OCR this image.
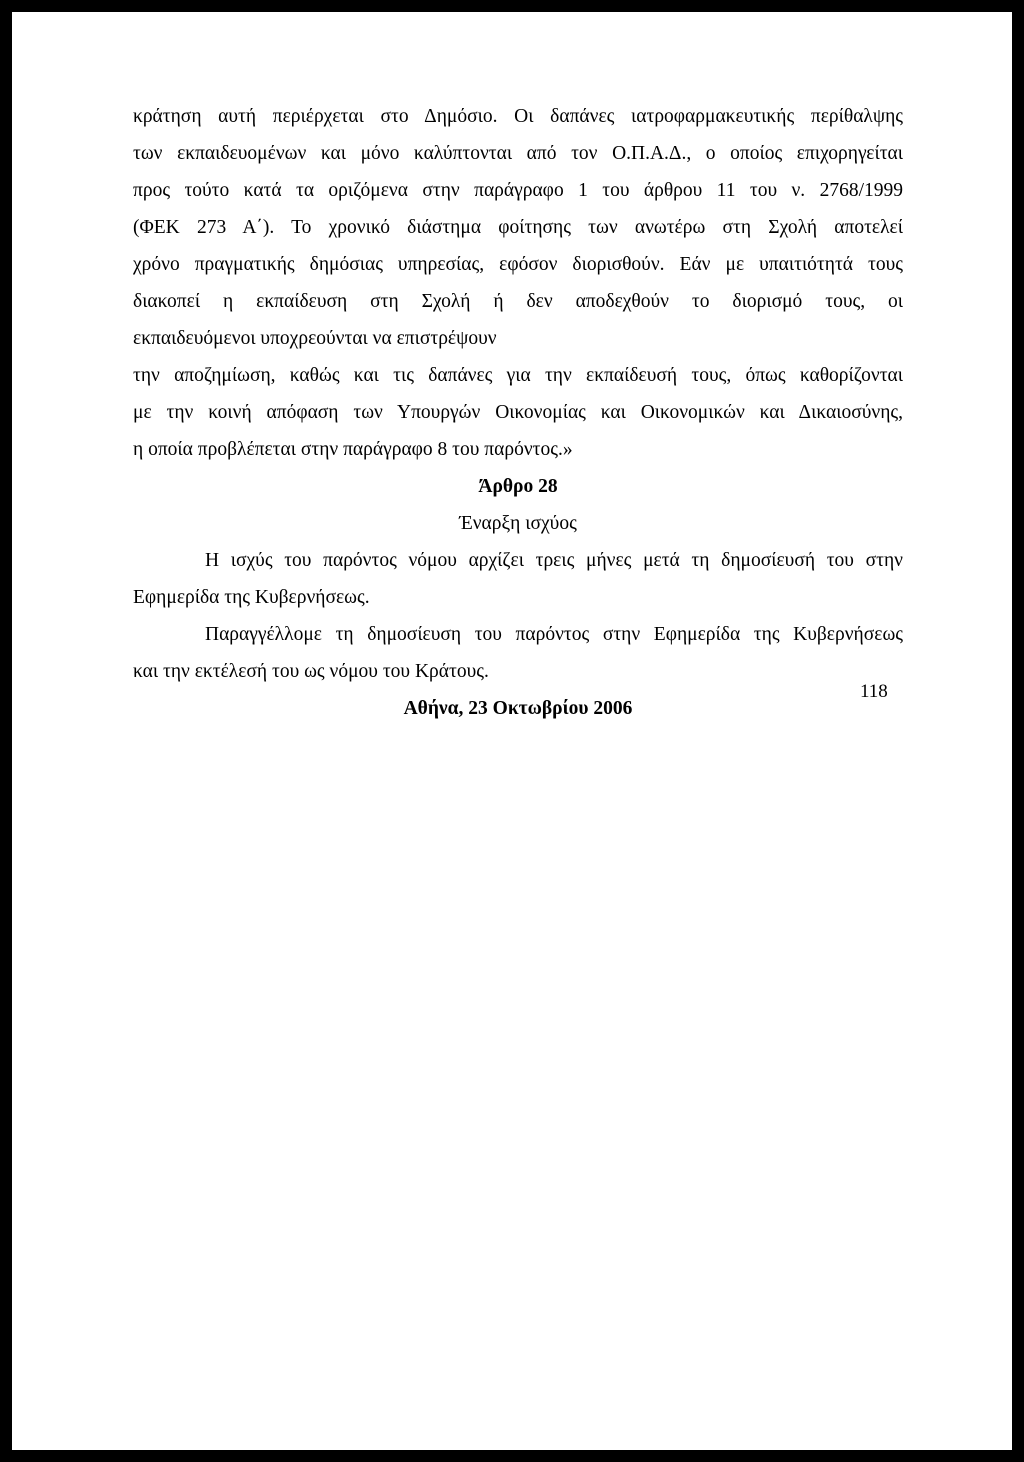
κράτηση αυτή περιέρχεται στο Δημόσιο. Οι δαπάνες ιατροφαρμακευτικής περίθαλψης
των εκπαιδευομένων και μόνο καλύπτονται από τον Ο.Π.Α.Δ., ο οποίος επιχορηγείται
προς τούτο κατά τα οριζόμενα στην παράγραφο 1 του άρθρου 11 του ν. 2768/1999
(ΦΕΚ 273 Α΄). Το χρονικό διάστημα φοίτησης των ανωτέρω στη Σχολή αποτελεί
χρόνο πραγματικής δημόσιας υπηρεσίας, εφόσον διορισθούν. Εάν με υπαιτιότητά τους
διακοπεί η εκπαίδευση στη Σχολή ή δεν αποδεχθούν το διορισμό τους, οι
εκπαιδευόμενοι υποχρεούνται να επιστρέψουν
την αποζημίωση, καθώς και τις δαπάνες για την εκπαίδευσή τους, όπως καθορίζονται
με την κοινή απόφαση των Υπουργών Οικονομίας και Οικονομικών και Δικαιοσύνης,
η οποία προβλέπεται στην παράγραφο 8 του παρόντος.»
Άρθρο 28
Έναρξη ισχύος
Η ισχύς του παρόντος νόμου αρχίζει τρεις μήνες μετά τη δημοσίευσή του στην
Εφημερίδα της Κυβερνήσεως.
Παραγγέλλομε τη δημοσίευση του παρόντος στην Εφημερίδα της Κυβερνήσεως
και την εκτέλεσή του ως νόμου του Κράτους.
Αθήνα, 23 Οκτωβρίου 2006
118
